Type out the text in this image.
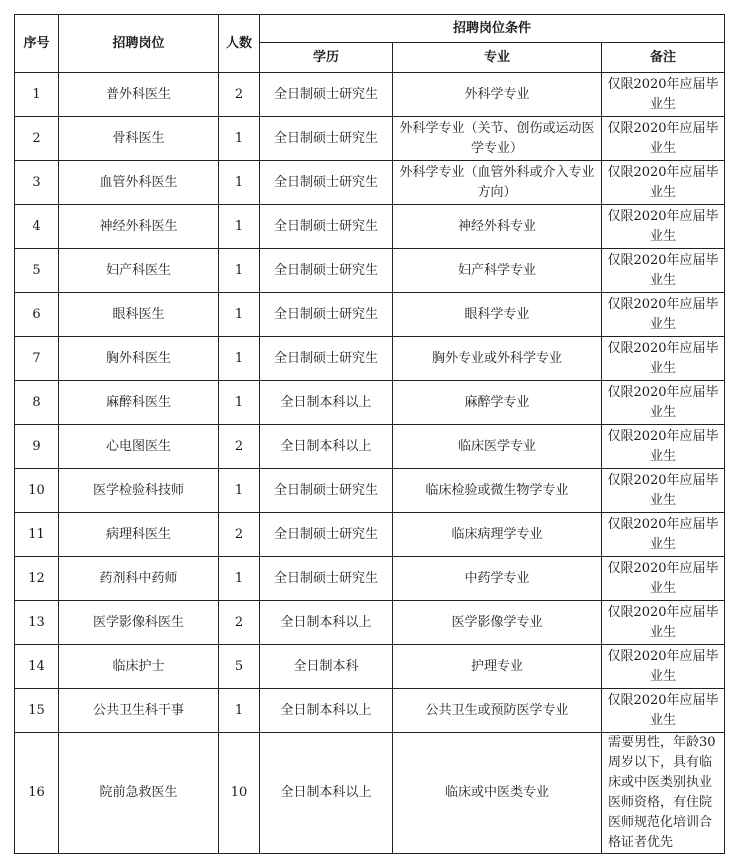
序号	招聘岗位	人数	招聘岗位条件		
			学历	专业	备注
1	普外科医生	2	全日制硕士研究生	外科学专业	仅限2020年应届毕业生
2	骨科医生	1	全日制硕士研究生	外科学专业（关节、创伤或运动医学专业）	仅限2020年应届毕业生
3	血管外科医生	1	全日制硕士研究生	外科学专业（血管外科或介入专业方向）	仅限2020年应届毕业生
4	神经外科医生	1	全日制硕士研究生	神经外科专业	仅限2020年应届毕业生
5	妇产科医生	1	全日制硕士研究生	妇产科学专业	仅限2020年应届毕业生
6	眼科医生	1	全日制硕士研究生	眼科学专业	仅限2020年应届毕业生
7	胸外科医生	1	全日制硕士研究生	胸外专业或外科学专业	仅限2020年应届毕业生
8	麻醉科医生	1	全日制本科以上	麻醉学专业	仅限2020年应届毕业生
9	心电图医生	2	全日制本科以上	临床医学专业	仅限2020年应届毕业生
10	医学检验科技师	1	全日制硕士研究生	临床检验或微生物学专业	仅限2020年应届毕业生
11	病理科医生	2	全日制硕士研究生	临床病理学专业	仅限2020年应届毕业生
12	药剂科中药师	1	全日制硕士研究生	中药学专业	仅限2020年应届毕业生
13	医学影像科医生	2	全日制本科以上	医学影像学专业	仅限2020年应届毕业生
14	临床护士	5	全日制本科	护理专业	仅限2020年应届毕业生
15	公共卫生科干事	1	全日制本科以上	公共卫生或预防医学专业	仅限2020年应届毕业生
16	院前急救医生	10	全日制本科以上	临床或中医类专业	需要男性，年龄30周岁以下，具有临床或中医类别执业医师资格，有住院医师规范化培训合格证者优先
